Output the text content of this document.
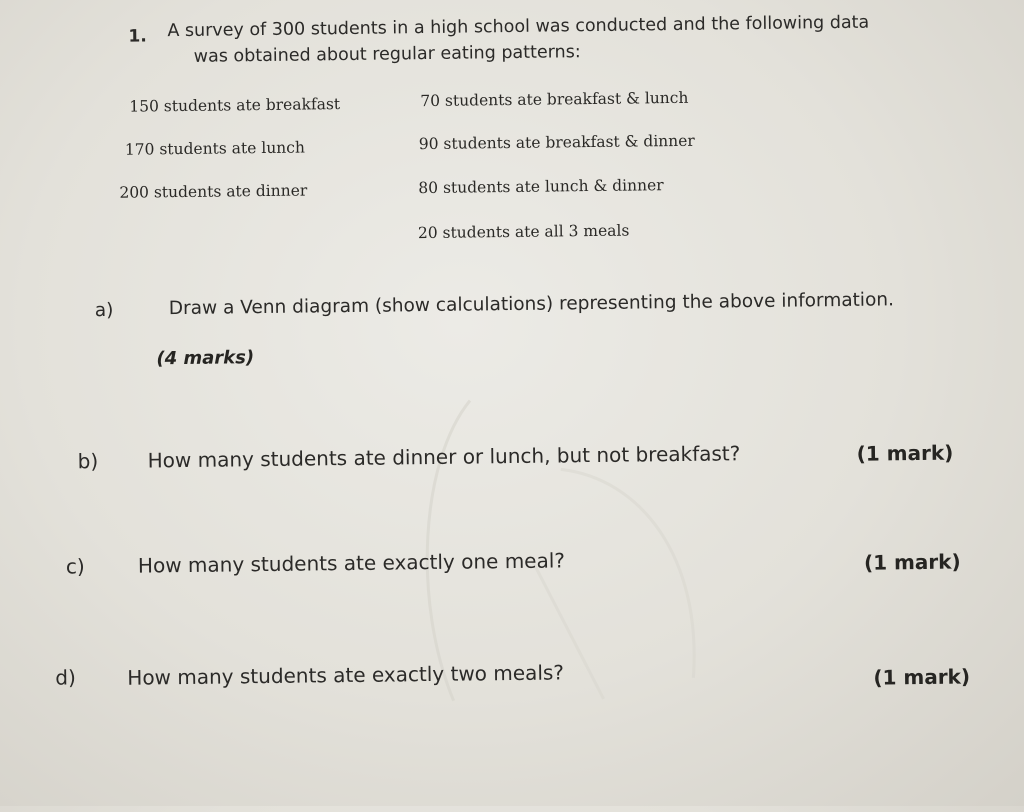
1. A survey of 300 students in a high school was conducted and the following data
was obtained about regular eating patterns:
150 students ate breakfast
170 students ate lunch
200 students ate dinner
70 students ate breakfast & lunch
90 students ate breakfast & dinner
80 students ate lunch & dinner
20 students ate all 3 meals
a)	Draw a Venn diagram (show calculations) representing the above information.
(4 marks)
b) How many students ate dinner or lunch, but not breakfast?	(1 mark)
c)	How many students ate exactly one meal?	(1 mark)
d)	How many students ate exactly two meals?	(1 mark)
